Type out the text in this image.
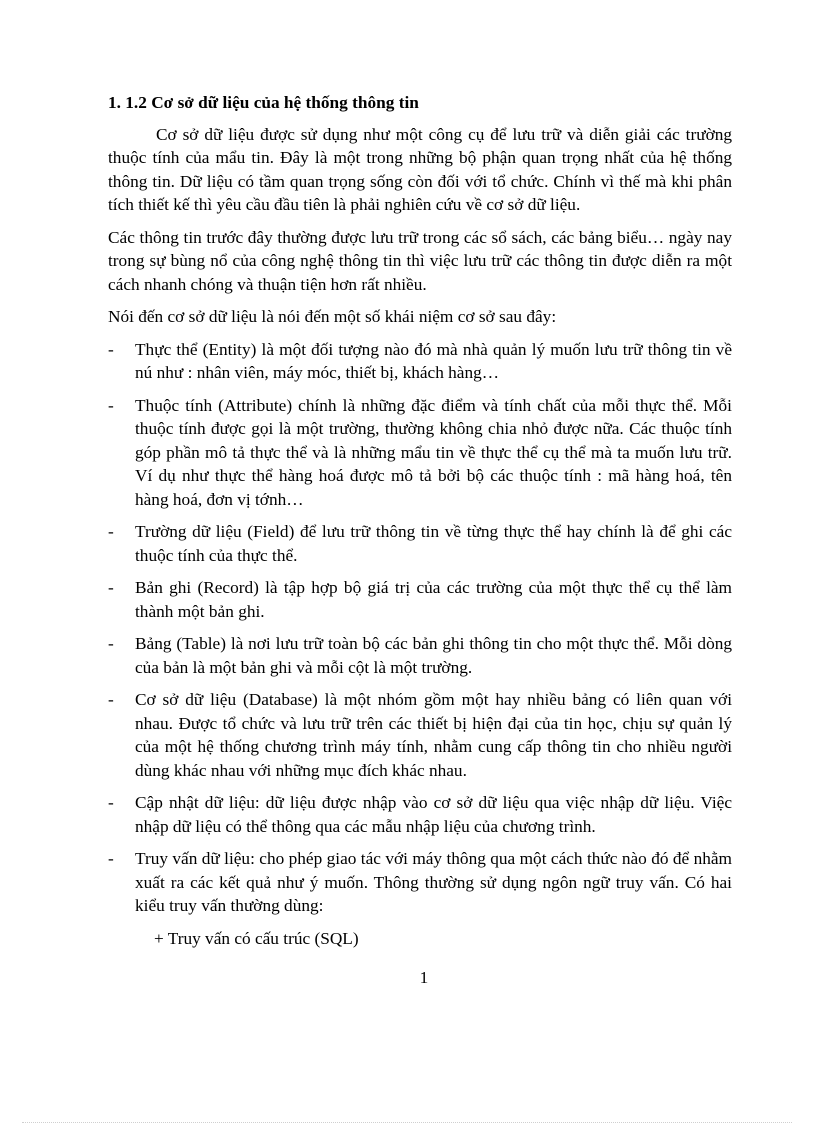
1. 1.2 Cơ sở dữ liệu của hệ thống thông tin

Cơ sở dữ liệu được sử dụng như một công cụ để lưu trữ và diễn giải các trường thuộc tính của mẩu tin. Đây là một trong những bộ phận quan trọng nhất của hệ thống thông tin. Dữ liệu có tầm quan trọng sống còn đối với tổ chức. Chính vì thế mà khi phân tích thiết kế thì yêu cầu đầu tiên là phải nghiên cứu về cơ sở dữ liệu.

Các thông tin trước đây thường được lưu trữ trong các sổ sách, các bảng biểu… ngày nay trong sự bùng nổ của công nghệ thông tin thì việc lưu trữ các thông tin được diễn ra một cách nhanh chóng và thuận tiện hơn rất nhiều.

Nói đến cơ sở dữ liệu là nói đến một số khái niệm cơ sở sau đây:

- Thực thể (Entity) là một đối tượng nào đó mà nhà quản lý muốn lưu trữ thông tin về nú như : nhân viên, máy móc, thiết bị, khách hàng…
- Thuộc tính (Attribute) chính là những đặc điểm và tính chất của mỗi thực thể. Mỗi thuộc tính được gọi là một trường, thường không chia nhỏ được nữa. Các thuộc tính góp phần mô tả thực thể và là những mẩu tin về thực thể cụ thể mà ta muốn lưu trữ. Ví dụ như thực thể hàng hoá được mô tả bởi bộ các thuộc tính : mã hàng hoá, tên hàng hoá, đơn vị tớnh…
- Trường dữ liệu (Field) để lưu trữ thông tin về từng thực thể hay chính là để ghi các thuộc tính của thực thể.
- Bản ghi (Record) là tập hợp bộ giá trị của các trường của một thực thể cụ thể làm thành một bản ghi.
- Bảng (Table) là nơi lưu trữ toàn bộ các bản ghi thông tin cho một thực thể. Mỗi dòng của bản là một bản ghi và mỗi cột là một trường.
- Cơ sở dữ liệu (Database) là một nhóm gồm một hay nhiều bảng có liên quan với nhau. Được tổ chức và lưu trữ trên các thiết bị hiện đại của tin học, chịu sự quản lý của một hệ thống chương trình máy tính, nhằm cung cấp thông tin cho nhiều người dùng khác nhau với những mục đích khác nhau.
- Cập nhật dữ liệu: dữ liệu được nhập vào cơ sở dữ liệu qua việc nhập dữ liệu. Việc nhập dữ liệu có thể thông qua các mẫu nhập liệu của chương trình.
- Truy vấn dữ liệu: cho phép giao tác với máy thông qua một cách thức nào đó để nhằm xuất ra các kết quả như ý muốn. Thông thường sử dụng ngôn ngữ truy vấn. Có hai kiểu truy vấn thường dùng:

+ Truy vấn có cấu trúc (SQL)

1
